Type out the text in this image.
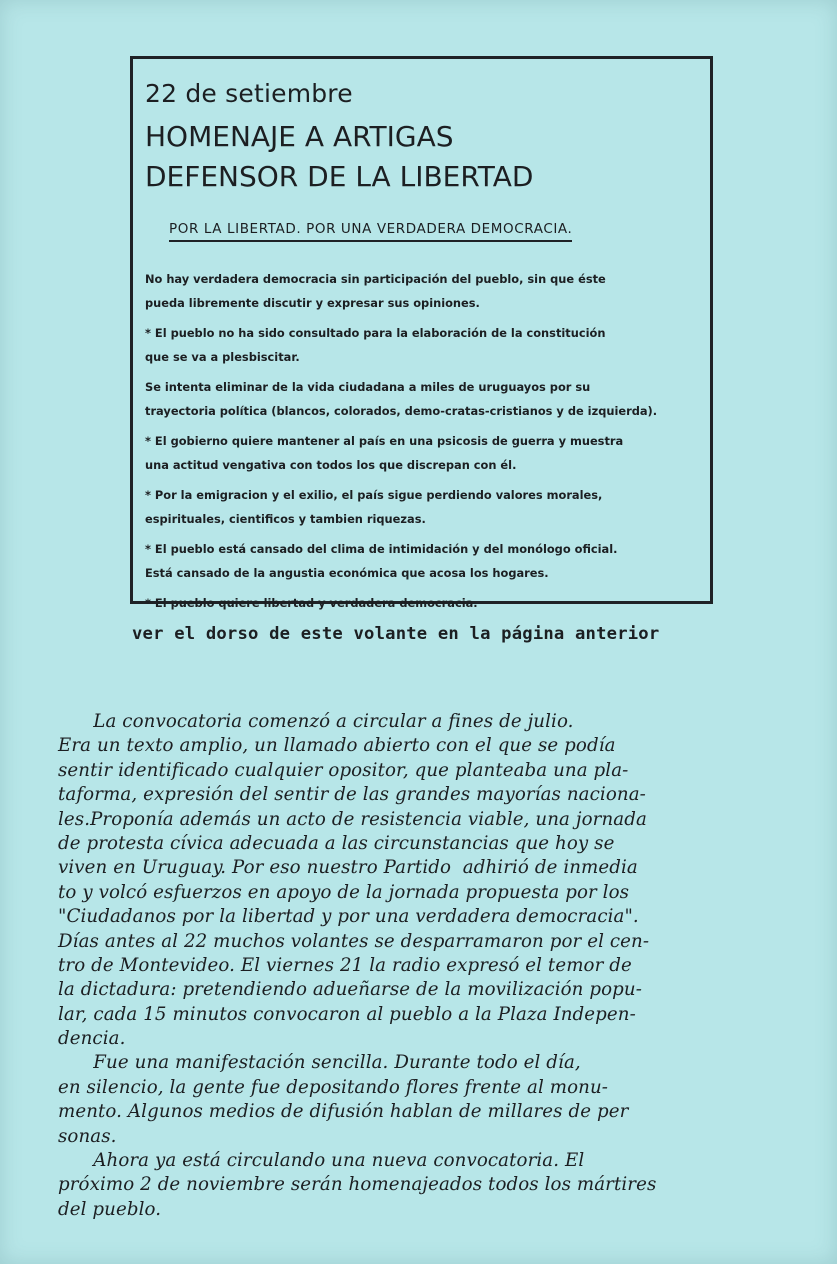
22 de setiembre
HOMENAJE A ARTIGAS
DEFENSOR DE LA LIBERTAD
POR LA LIBERTAD. POR UNA VERDADERA DEMOCRACIA.

No hay verdadera democracia sin participación del pueblo, sin que éste
pueda libremente discutir y expresar sus opiniones.

* El pueblo no ha sido consultado para la elaboración de la constitución
que se va a plesbiscitar.

Se intenta eliminar de la vida ciudadana a miles de uruguayos por su
trayectoria política (blancos, colorados, demo-cratas-cristianos y de izquierda).

* El gobierno quiere mantener al país en una psicosis de guerra y muestra
una actitud vengativa con todos los que discrepan con él.

* Por la emigracion y el exilio, el país sigue perdiendo valores morales,
espirituales, cientificos y tambien riquezas.

* El pueblo está cansado del clima de intimidación y del monólogo oficial.
Está cansado de la angustia económica que acosa los hogares.

* El pueblo quiere libertad y verdadera democracia.

ver el dorso de este volante en la página anterior
La convocatoria comenzó a circular a fines de julio.
Era un texto amplio, un llamado abierto con el que se podía
sentir identificado cualquier opositor, que planteaba una pla-
taforma, expresión del sentir de las grandes mayorías naciona-
les.Proponía además un acto de resistencia viable, una jornada
de protesta cívica adecuada a las circunstancias que hoy se
viven en Uruguay. Por eso nuestro Partido  adhirió de inmedia
to y volcó esfuerzos en apoyo de la jornada propuesta por los
"Ciudadanos por la libertad y por una verdadera democracia".
Días antes al 22 muchos volantes se desparramaron por el cen-
tro de Montevideo. El viernes 21 la radio expresó el temor de
la dictadura: pretendiendo adueñarse de la movilización popu-
lar, cada 15 minutos convocaron al pueblo a la Plaza Indepen-
dencia.
Fue una manifestación sencilla. Durante todo el día,
en silencio, la gente fue depositando flores frente al monu-
mento. Algunos medios de difusión hablan de millares de per
sonas.
Ahora ya está circulando una nueva convocatoria. El
próximo 2 de noviembre serán homenajeados todos los mártires
del pueblo.
